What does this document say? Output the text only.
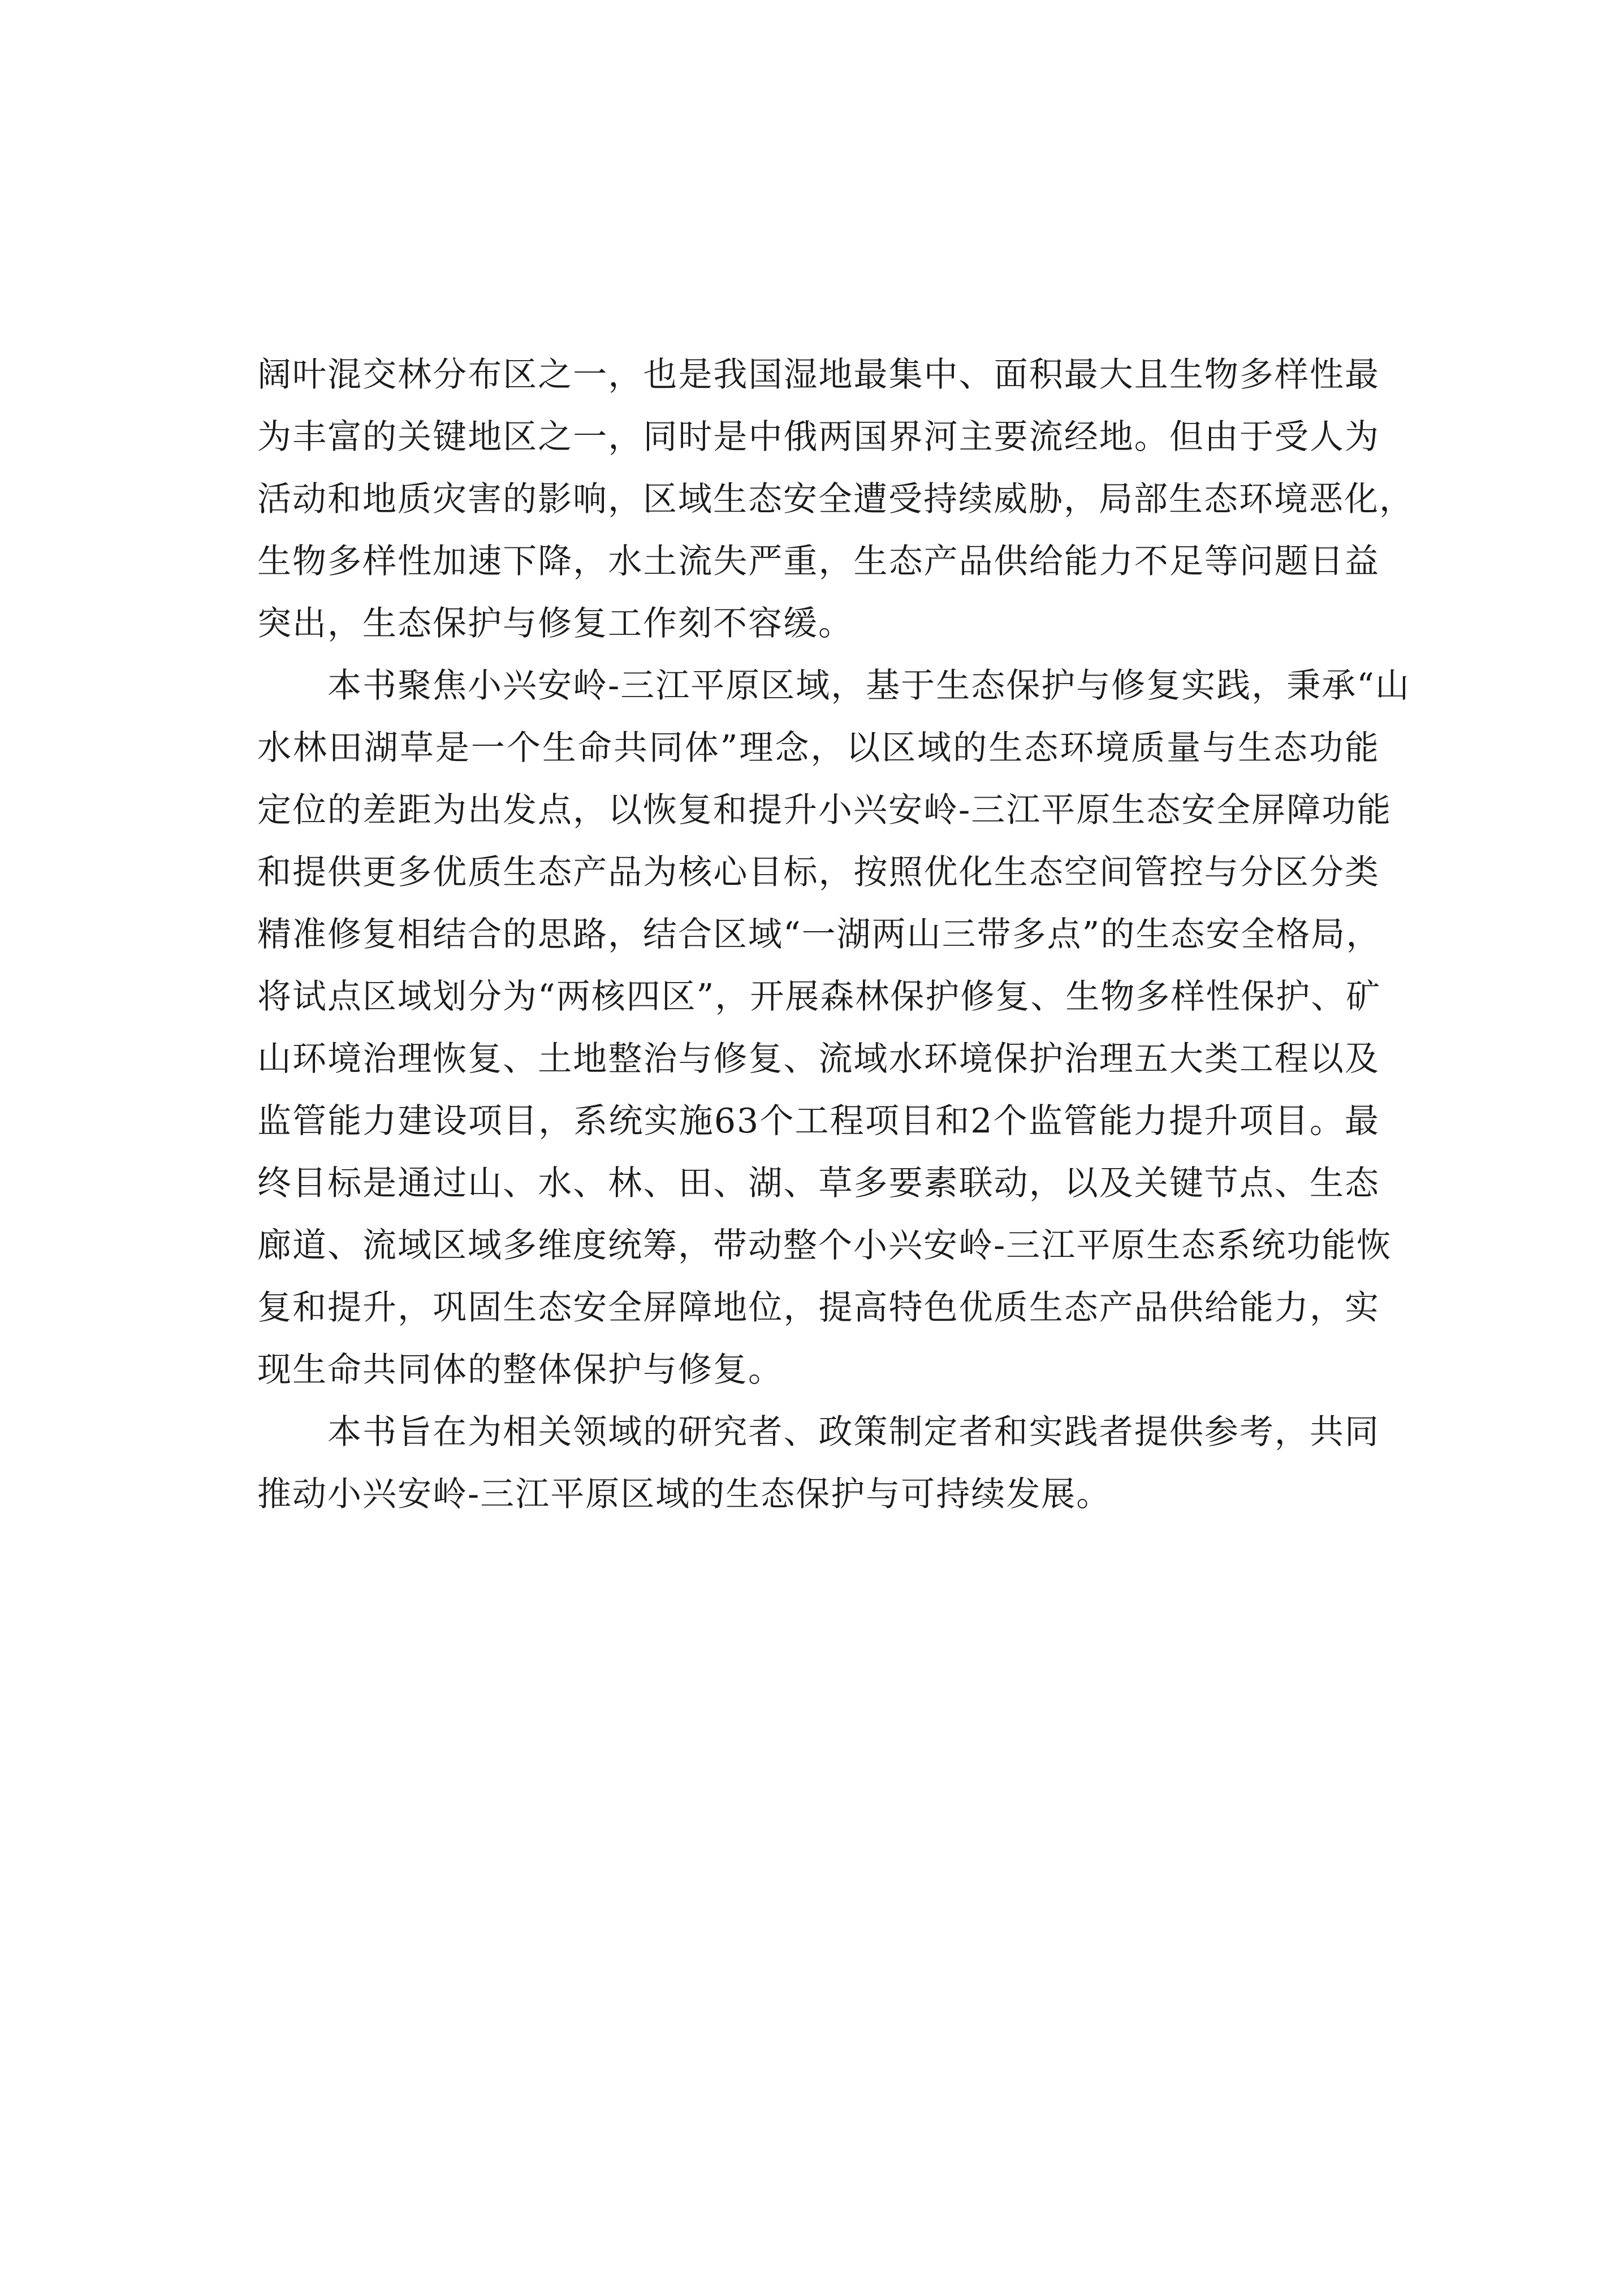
阔叶混交林分布区之一，也是我国湿地最集中、面积最大且生物多样性最
为丰富的关键地区之一，同时是中俄两国界河主要流经地。但由于受人为
活动和地质灾害的影响，区域生态安全遭受持续威胁，局部生态环境恶化，
生物多样性加速下降，水土流失严重，生态产品供给能力不足等问题日益
突出，生态保护与修复工作刻不容缓。
本书聚焦小兴安岭-三江平原区域，基于生态保护与修复实践，秉承“山
水林田湖草是一个生命共同体”理念，以区域的生态环境质量与生态功能
定位的差距为出发点，以恢复和提升小兴安岭-三江平原生态安全屏障功能
和提供更多优质生态产品为核心目标，按照优化生态空间管控与分区分类
精准修复相结合的思路，结合区域“一湖两山三带多点”的生态安全格局，
将试点区域划分为“两核四区”，开展森林保护修复、生物多样性保护、矿
山环境治理恢复、土地整治与修复、流域水环境保护治理五大类工程以及
监管能力建设项目，系统实施63个工程项目和2个监管能力提升项目。最
终目标是通过山、水、林、田、湖、草多要素联动，以及关键节点、生态
廊道、流域区域多维度统筹，带动整个小兴安岭-三江平原生态系统功能恢
复和提升，巩固生态安全屏障地位，提高特色优质生态产品供给能力，实
现生命共同体的整体保护与修复。
本书旨在为相关领域的研究者、政策制定者和实践者提供参考，共同
推动小兴安岭-三江平原区域的生态保护与可持续发展。
